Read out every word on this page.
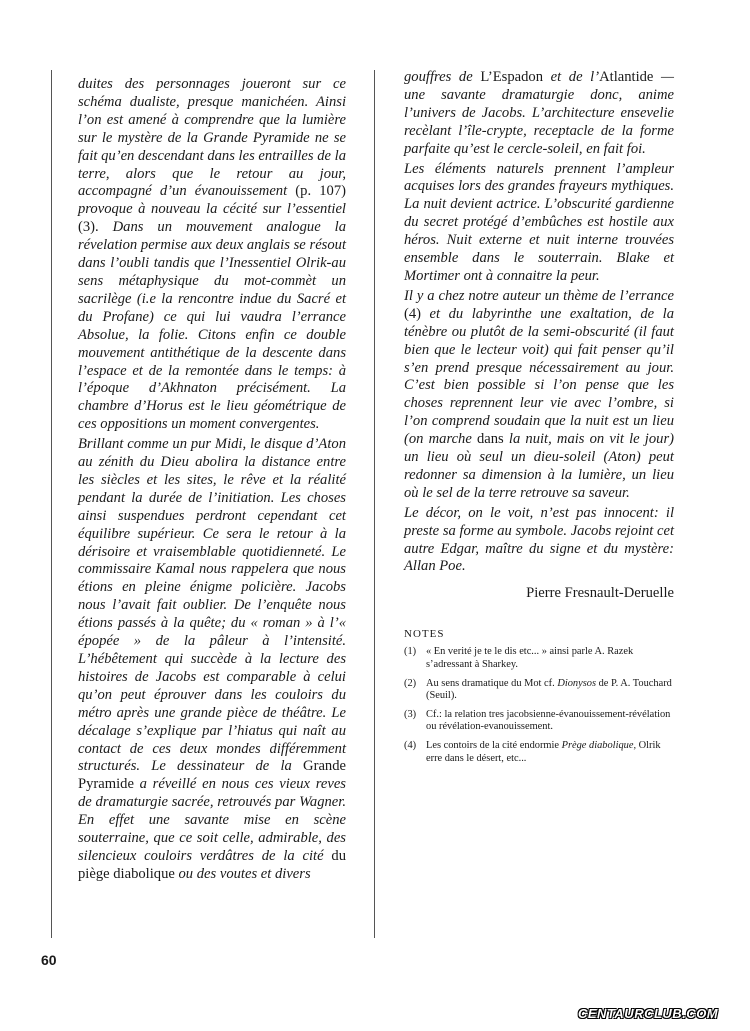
duites des personnages joueront sur ce schéma dualiste, presque manichéen. Ainsi l’on est amené à comprendre que la lumière sur le mystère de la Grande Pyramide ne se fait qu’en descendant dans les entrailles de la terre, alors que le retour au jour, accompagné d’un évanouissement (p. 107) provoque à nouveau la cécité sur l’essentiel (3). Dans un mouvement analogue la révelation permise aux deux anglais se résout dans l’oubli tandis que l’Inessentiel Olrik-au sens métaphysique du mot-commèt un sacrilège (i.e la rencontre indue du Sacré et du Profane) ce qui lui vaudra l’errance Absolue, la folie. Citons enfin ce double mouvement antithétique de la descente dans l’espace et de la remontée dans le temps: à l’époque d’Akhnaton précisément. La chambre d’Horus est le lieu géométrique de ces oppositions un moment convergentes.

Brillant comme un pur Midi, le disque d’Aton au zénith du Dieu abolira la distance entre les siècles et les sites, le rêve et la réalité pendant la durée de l’initiation. Les choses ainsi suspendues perdront cependant cet équilibre supérieur. Ce sera le retour à la dérisoire et vraisemblable quotidienneté. Le commissaire Kamal nous rappelera que nous étions en pleine énigme policière. Jacobs nous l’avait fait oublier. De l’enquête nous étions passés à la quête; du « roman » à l’« épopée » de la pâleur à l’intensité. L’hébêtement qui succède à la lecture des histoires de Jacobs est comparable à celui qu’on peut éprouver dans les couloirs du métro après une grande pièce de théâtre. Le décalage s’explique par l’hiatus qui naît au contact de ces deux mondes différemment structurés. Le dessinateur de la Grande Pyramide a réveillé en nous ces vieux reves de dramaturgie sacrée, retrouvés par Wagner. En effet une savante mise en scène souterraine, que ce soit celle, admirable, des silencieux couloirs verdâtres de la cité du piège diabolique ou des voutes et divers

gouffres de L’Espadon et de l’Atlantide — une savante dramaturgie donc, anime l’univers de Jacobs. L’architecture ensevelie recèlant l’île-crypte, receptacle de la forme parfaite qu’est le cercle-soleil, en fait foi.

Les éléments naturels prennent l’ampleur acquises lors des grandes frayeurs mythiques. La nuit devient actrice. L’obscurité gardienne du secret protégé d’embûches est hostile aux héros. Nuit externe et nuit interne trouvées ensemble dans le souterrain. Blake et Mortimer ont à connaitre la peur.

Il y a chez notre auteur un thème de l’errance (4) et du labyrinthe une exaltation, de la ténèbre ou plutôt de la semi-obscurité (il faut bien que le lecteur voit) qui fait penser qu’il s’en prend presque nécessairement au jour. C’est bien possible si l’on pense que les choses reprennent leur vie avec l’ombre, si l’on comprend soudain que la nuit est un lieu (on marche dans la nuit, mais on vit le jour) un lieu où seul un dieu-soleil (Aton) peut redonner sa dimension à la lumière, un lieu où le sel de la terre retrouve sa saveur.

Le décor, on le voit, n’est pas innocent: il preste sa forme au symbole. Jacobs rejoint cet autre Edgar, maître du signe et du mystère: Allan Poe.

Pierre Fresnault-Deruelle
NOTES
(1) « En verité je te le dis etc... » ainsi parle A. Razek s’adressant à Sharkey.
(2) Au sens dramatique du Mot cf. Dionysos de P. A. Touchard (Seuil).
(3) Cf.: la relation tres jacobsienne-évanouissement-révélation ou révélation-evanouissement.
(4) Les contoirs de la cité endormie Prège diabolique, Olrik erre dans le désert, etc...
60
CENTAURCLUB.COM
